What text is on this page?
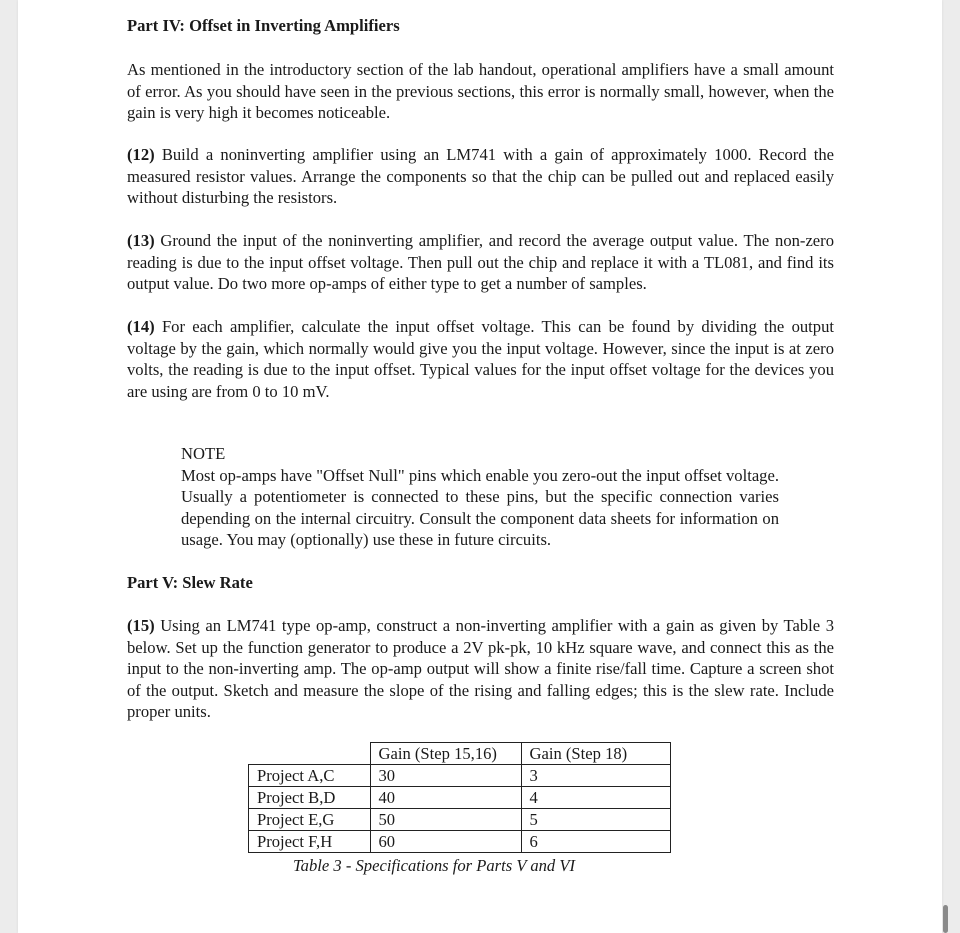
Part IV: Offset in Inverting Amplifiers

As mentioned in the introductory section of the lab handout, operational amplifiers have a small amount of error. As you should have seen in the previous sections, this error is normally small, however, when the gain is very high it becomes noticeable.

(12) Build a noninverting amplifier using an LM741 with a gain of approximately 1000. Record the measured resistor values. Arrange the components so that the chip can be pulled out and replaced easily without disturbing the resistors.

(13) Ground the input of the noninverting amplifier, and record the average output value. The non-zero reading is due to the input offset voltage. Then pull out the chip and replace it with a TL081, and find its output value. Do two more op-amps of either type to get a number of samples.

(14) For each amplifier, calculate the input offset voltage. This can be found by dividing the output voltage by the gain, which normally would give you the input voltage. However, since the input is at zero volts, the reading is due to the input offset. Typical values for the input offset voltage for the devices you are using are from 0 to 10 mV.

NOTE
Most op-amps have "Offset Null" pins which enable you zero-out the input offset voltage. Usually a potentiometer is connected to these pins, but the specific connection varies depending on the internal circuitry. Consult the component data sheets for information on usage. You may (optionally) use these in future circuits.

Part V: Slew Rate

(15) Using an LM741 type op-amp, construct a non-inverting amplifier with a gain as given by Table 3 below. Set up the function generator to produce a 2V pk-pk, 10 kHz square wave, and connect this as the input to the non-inverting amp. The op-amp output will show a finite rise/fall time. Capture a screen shot of the output. Sketch and measure the slope of the rising and falling edges; this is the slew rate. Include proper units.

	Gain (Step 15,16)	Gain (Step 18)
Project A,C	30	3
Project B,D	40	4
Project E,G	50	5
Project F,H	60	6
Table 3 - Specifications for Parts V and VI
